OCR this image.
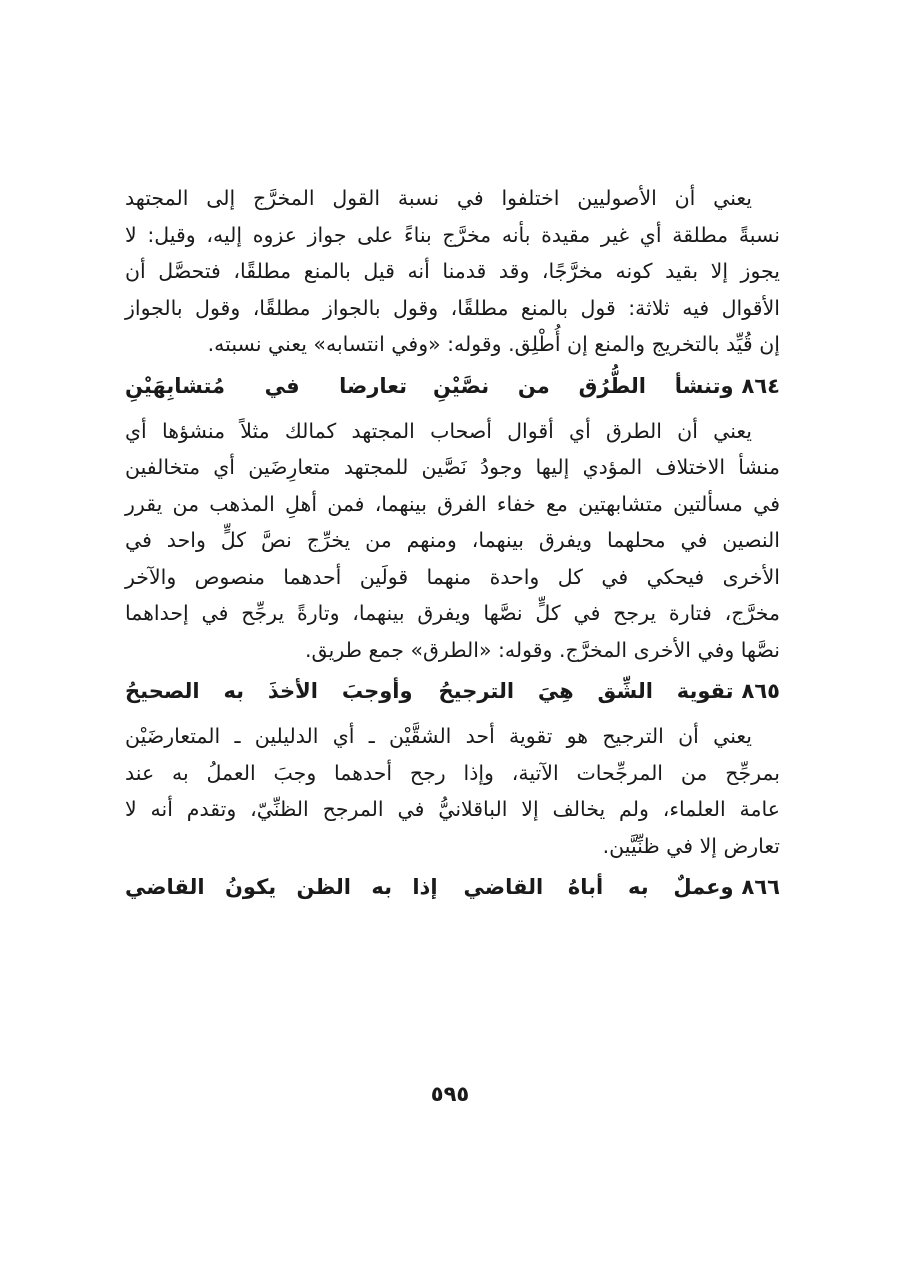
يعني أن الأصوليين اختلفوا في نسبة القول المخرَّج إلى المجتهد
نسبةً مطلقة أي غير مقيدة بأنه مخرَّج بناءً على جواز عزوه إليه، وقيل: لا
يجوز إلا بقيد كونه مخرَّجًا، وقد قدمنا أنه قيل بالمنع مطلقًا، فتحصَّل أن
الأقوال فيه ثلاثة: قول بالمنع مطلقًا، وقول بالجواز مطلقًا، وقول بالجواز
إن قُيِّد بالتخريج والمنع إن أُطْلِق. وقوله: «وفي انتسابه» يعني نسبته.

٨٦٤
وتنشأ الطُّرُق من نصَّيْنِ
تعارضا في مُتشابِهَيْنِ

يعني أن الطرق أي أقوال أصحاب المجتهد كمالك مثلاً منشؤها أي
منشأ الاختلاف المؤدي إليها وجودُ نَصَّين للمجتهد متعارِضَين أي متخالفين
في مسألتين متشابهتين مع خفاء الفرق بينهما، فمن أهلِ المذهب من يقرر
النصين في محلهما ويفرق بينهما، ومنهم من يخرِّج نصَّ كلٍّ واحد في
الأخرى فيحكي في كل واحدة منهما قولَين أحدهما منصوص والآخر
مخرَّج، فتارة يرجح في كلٍّ نصَّها ويفرق بينهما، وتارةً يرجِّح في إحداهما
نصَّها وفي الأخرى المخرَّج. وقوله: «الطرق» جمع طريق.

٨٦٥
تقوية الشِّق هِيَ الترجيحُ
وأوجبَ الأخذَ به الصحيحُ

يعني أن الترجيح هو تقوية أحد الشقَّيْن ـ أي الدليلين ـ المتعارضَيْن
بمرجِّح من المرجِّحات الآتية، وإذا رجح أحدهما وجبَ العملُ به عند
عامة العلماء، ولم يخالف إلا الباقلانيُّ في المرجح الظنِّيّ، وتقدم أنه لا
تعارض إلا في ظنِّيَّين.

٨٦٦
وعملٌ به أباهُ القاضي
إذا به الظن يكونُ القاضي
٥٩٥
